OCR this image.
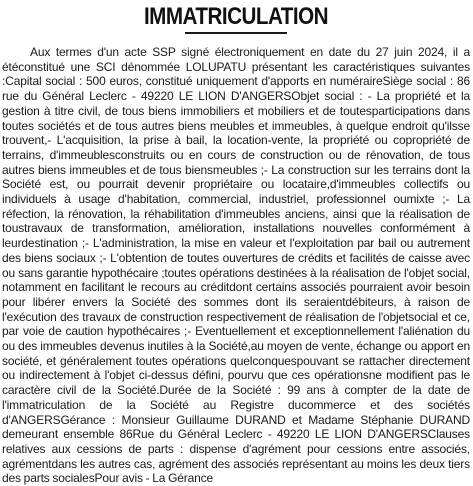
IMMATRICULATION

Aux termes d'un acte SSP signé électroniquement en date du 27 juin 2024, il a étéconstitué une SCI dénommée LOLUPATU présentant les caractéristiques suivantes :Capital social : 500 euros, constitué uniquement d'apports en numéraireSiège social : 86 rue du Général Leclerc - 49220 LE LION D'ANGERSObjet social : - La propriété et la gestion à titre civil, de tous biens immobiliers et mobiliers et de toutesparticipations dans toutes sociétés et de tous autres biens meubles et immeubles, à quelque endroit qu'ilsse trouvent,- L'acquisition, la prise à bail, la location-vente, la propriété ou copropriété de terrains, d'immeublesconstruits ou en cours de construction ou de rénovation, de tous autres biens immeubles et de tous biensmeubles ;- La construction sur les terrains dont la Société est, ou pourrait devenir propriétaire ou locataire,d'immeubles collectifs ou individuels à usage d'habitation, commercial, industriel, professionnel oumixte ;- La réfection, la rénovation, la réhabilitation d'immeubles anciens, ainsi que la réalisation de toustravaux de transformation, amélioration, installations nouvelles conformément à leurdestination ;- L'administration, la mise en valeur et l'exploitation par bail ou autrement des biens sociaux ;- L'obtention de toutes ouvertures de crédits et facilités de caisse avec ou sans garantie hypothécaire ;toutes opérations destinées à la réalisation de l'objet social, notamment en facilitant le recours au créditdont certains associés pourraient avoir besoin pour libérer envers la Société des sommes dont ils seraientdébiteurs, à raison de l'exécution des travaux de construction respectivement de réalisation de l'objetsocial et ce, par voie de caution hypothécaires ;- Eventuellement et exceptionnellement l'aliénation du ou des immeubles devenus inutiles à la Société,au moyen de vente, échange ou apport en société, et généralement toutes opérations quelconquespouvant se rattacher directement ou indirectement à l'objet ci-dessus défini, pourvu que ces opérationsne modifient pas le caractère civil de la Société.Durée de la Société : 99 ans à compter de la date de l'immatriculation de la Société au Registre ducommerce et des sociétés d'ANGERSGérance : Monsieur Guillaume DURAND et Madame Stéphanie DURAND demeurant ensemble 86Rue du Général Leclerc - 49220 LE LION D'ANGERSClauses relatives aux cessions de parts : dispense d'agrément pour cessions entre associés, agrémentdans les autres cas, agrément des associés représentant au moins les deux tiers des parts socialesPour avis - La Gérance
